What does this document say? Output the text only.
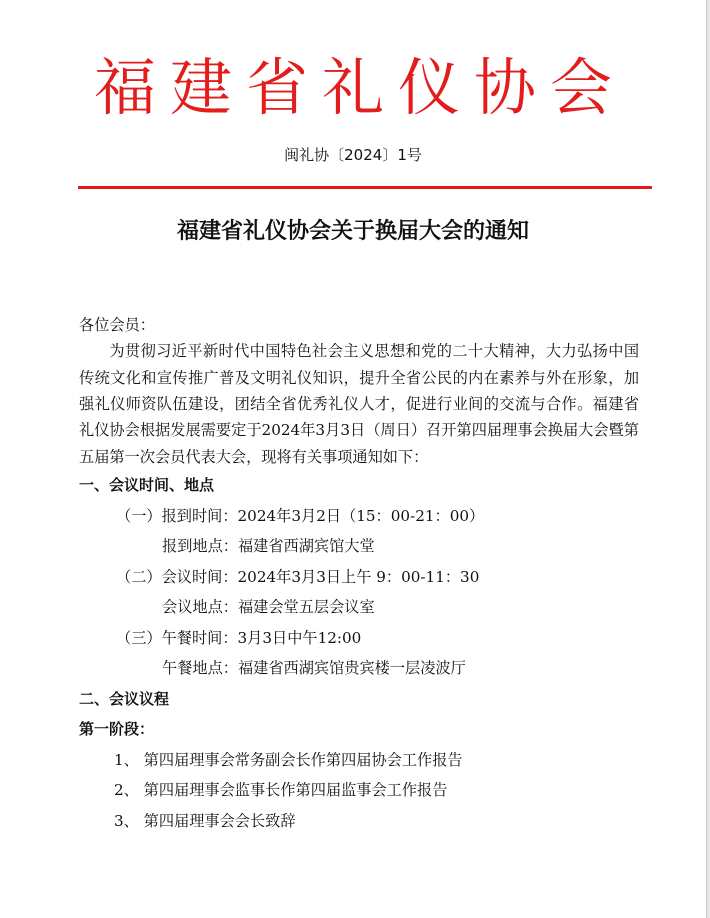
福建省礼仪协会
闽礼协〔2024〕1号
福建省礼仪协会关于换届大会的通知

各位会员：

为贯彻习近平新时代中国特色社会主义思想和党的二十大精神，大力弘扬中国传统文化和宣传推广普及文明礼仪知识，提升全省公民的内在素养与外在形象，加强礼仪师资队伍建设，团结全省优秀礼仪人才，促进行业间的交流与合作。福建省礼仪协会根据发展需要定于2024年3月3日（周日）召开第四届理事会换届大会暨第五届第一次会员代表大会，现将有关事项通知如下：

一、会议时间、地点

（一）报到时间：2024年3月2日（15：00-21：00）

报到地点：福建省西湖宾馆大堂

（二）会议时间：2024年3月3日上午 9：00-11：30

会议地点：福建会堂五层会议室

（三）午餐时间：3月3日中午12:00

午餐地点：福建省西湖宾馆贵宾楼一层凌波厅

二、会议议程

第一阶段：

1、 第四届理事会常务副会长作第四届协会工作报告

2、 第四届理事会监事长作第四届监事会工作报告

3、 第四届理事会会长致辞
